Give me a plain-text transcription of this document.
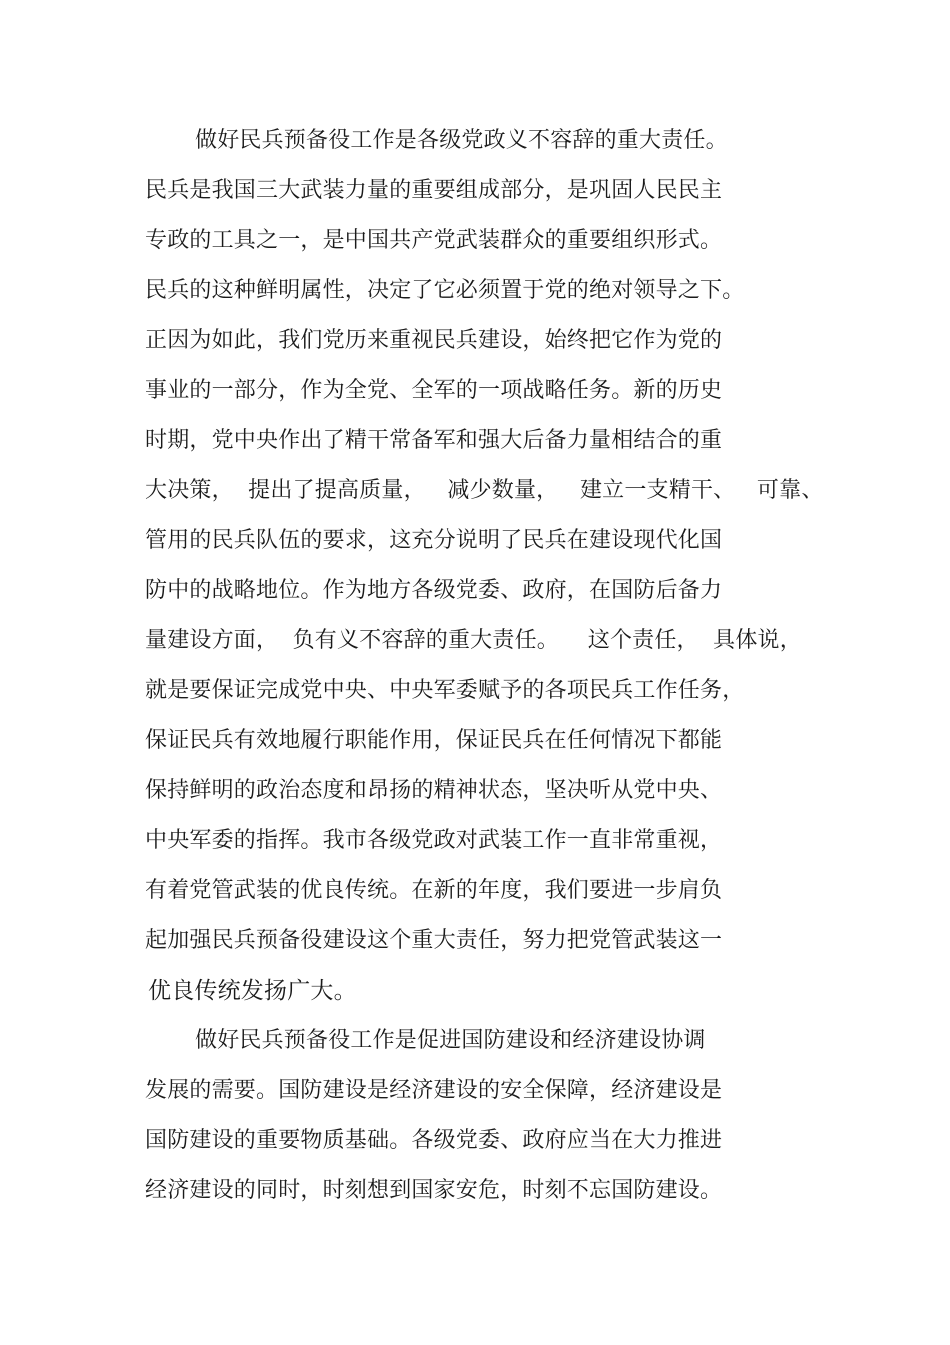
做好民兵预备役工作是各级党政义不容辞的重大责任。
民兵是我国三大武装力量的重要组成部分，是巩固人民民主
专政的工具之一，是中国共产党武装群众的重要组织形式。
民兵的这种鲜明属性，决定了它必须置于党的绝对领导之下。
正因为如此，我们党历来重视民兵建设，始终把它作为党的
事业的一部分，作为全党、全军的一项战略任务。新的历史
时期，党中央作出了精干常备军和强大后备力量相结合的重
大决策，  提出了提高质量，   减少数量，   建立一支精干、   可靠、
管用的民兵队伍的要求，这充分说明了民兵在建设现代化国
防中的战略地位。作为地方各级党委、政府，在国防后备力
量建设方面，  负有义不容辞的重大责任。    这个责任，  具体说，
就是要保证完成党中央、中央军委赋予的各项民兵工作任务，
保证民兵有效地履行职能作用，保证民兵在任何情况下都能
保持鲜明的政治态度和昂扬的精神状态，坚决听从党中央、
中央军委的指挥。我市各级党政对武装工作一直非常重视，
有着党管武装的优良传统。在新的年度，我们要进一步肩负
起加强民兵预备役建设这个重大责任，努力把党管武装这一
优良传统发扬广大。
做好民兵预备役工作是促进国防建设和经济建设协调
发展的需要。国防建设是经济建设的安全保障，经济建设是
国防建设的重要物质基础。各级党委、政府应当在大力推进
经济建设的同时，时刻想到国家安危，时刻不忘国防建设。
